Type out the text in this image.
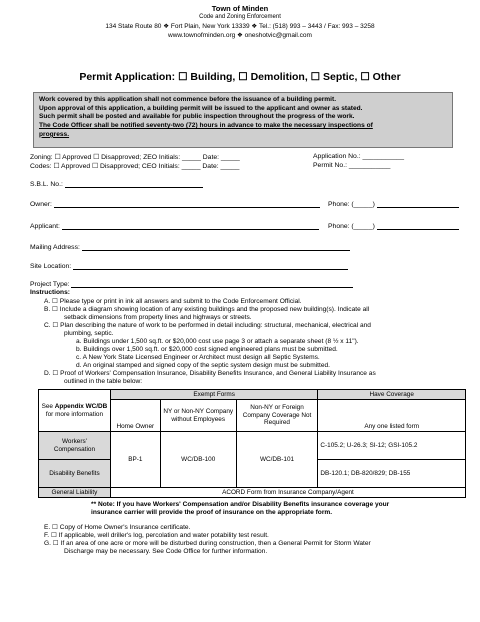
Town of Minden
Code and Zoning Enforcement
134 State Route 80 ❖ Fort Plain, New York 13339 ❖ Tel.: (518) 993 – 3443 / Fax: 993 – 3258
www.townofminden.org ❖ oneshotvic@gmail.com
Permit Application: ☐ Building, ☐ Demolition, ☐ Septic, ☐ Other
Work covered by this application shall not commence before the issuance of a building permit.
Upon approval of this application, a building permit will be issued to the applicant and owner as stated.
Such permit shall be posted and available for public inspection throughout the progress of the work.
The Code Officer shall be notified seventy-two (72) hours in advance to make the necessary inspections of
progress.
Zoning: ☐ Approved ☐ Disapproved; ZEO Initials: _____ Date: _____
Codes: ☐ Approved ☐ Disapproved; CEO Initials: _____ Date: _____
Application No.: ___________
Permit No.: ___________
S.B.L. No.:
Owner:	Phone: (_____)
Applicant:	Phone: (_____)
Mailing Address:
Site Location:
Project Type:
Instructions:
A. ☐ Please type or print in ink all answers and submit to the Code Enforcement Official.
B. ☐ Include a diagram showing location of any existing buildings and the proposed new building(s). Indicate all
setback dimensions from property lines and highways or streets.
C. ☐ Plan describing the nature of work to be performed in detail including: structural, mechanical, electrical and
plumbing, septic.
a. Buildings under 1,500 sq.ft. or $20,000 cost use page 3 or attach a separate sheet (8 ½ x 11").
b. Buildings over 1,500 sq.ft. or $20,000 cost signed engineered plans must be submitted.
c. A New York State Licensed Engineer or Architect must design all Septic Systems.
d. An original stamped and signed copy of the septic system design must be submitted.
D. ☐ Proof of Workers' Compensation Insurance, Disability Benefits Insurance, and General Liability Insurance as
outlined in the table below:
See Appendix WC/DB for more information	Exempt Forms			Have Coverage
	Home Owner	NY or Non-NY Company without Employees	Non-NY or Foreign Company Coverage Not Required	Any one listed form
Workers' Compensation	BP-1	WC/DB-100	WC/DB-101	C-105.2; U-26.3; SI-12; GSI-105.2
Disability Benefits				DB-120.1; DB-820/829; DB-155
General Liability	ACORD Form from Insurance Company/Agent			
** Note: If you have Workers' Compensation and/or Disability Benefits insurance coverage your
insurance carrier will provide the proof of insurance on the appropriate form.
E. ☐ Copy of Home Owner's Insurance certificate.
F. ☐ If applicable, well driller's log, percolation and water potability test result.
G. ☐ If an area of one acre or more will be disturbed during construction, then a General Permit for Storm Water
Discharge may be necessary. See Code Office for further information.
